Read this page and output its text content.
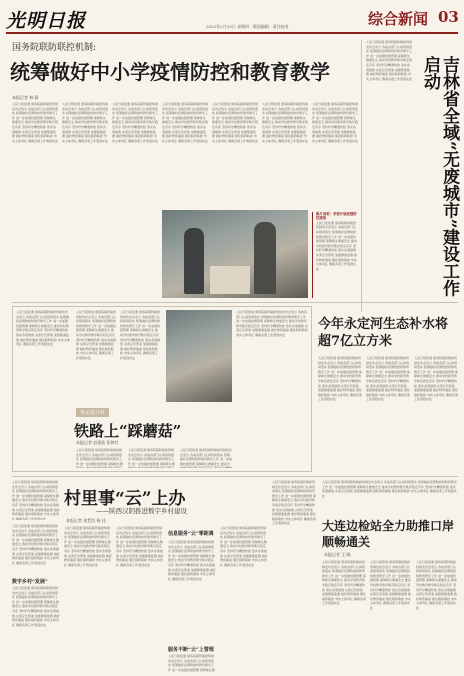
光明日报	2022年2月10日 星期四 · 版面编辑 · 责任校对	综合新闻 03
国务院联防联控机制:
统筹做好中小学疫情防控和教育教学
本报记者 林 莉
人民日报报道 国务院联防联控机制发布会表示 各地各部门认真贯彻落实 统筹做好疫情防控和教育教学工作 进一步加强校园管理 保障师生健康安全 推动学校教育教学秩序稳定有序 坚持科学精准防控 落实各项措施 完善应急预案 加强健康监测 做好物资储备 强化联防联控 夯实主体责任 确保各项工作落到实处
人民日报报道 国务院联防联控机制发布会表示 各地各部门认真贯彻落实 统筹做好疫情防控和教育教学工作 进一步加强校园管理 保障师生健康安全 推动学校教育教学秩序稳定有序 坚持科学精准防控 落实各项措施 完善应急预案 加强健康监测 做好物资储备 强化联防联控 夯实主体责任 确保各项工作落到实处
人民日报报道 国务院联防联控机制发布会表示 各地各部门认真贯彻落实 统筹做好疫情防控和教育教学工作 进一步加强校园管理 保障师生健康安全 推动学校教育教学秩序稳定有序 坚持科学精准防控 落实各项措施 完善应急预案 加强健康监测 做好物资储备 强化联防联控 夯实主体责任 确保各项工作落到实处
人民日报报道 国务院联防联控机制发布会表示 各地各部门认真贯彻落实 统筹做好疫情防控和教育教学工作 进一步加强校园管理 保障师生健康安全 推动学校教育教学秩序稳定有序 坚持科学精准防控 落实各项措施 完善应急预案 加强健康监测 做好物资储备 强化联防联控 夯实主体责任 确保各项工作落到实处
人民日报报道 国务院联防联控机制发布会表示 各地各部门认真贯彻落实 统筹做好疫情防控和教育教学工作 进一步加强校园管理 保障师生健康安全 推动学校教育教学秩序稳定有序 坚持科学精准防控 落实各项措施 完善应急预案 加强健康监测 做好物资储备 强化联防联控 夯实主体责任 确保各项工作落到实处
人民日报报道 国务院联防联控机制发布会表示 各地各部门认真贯彻落实 统筹做好疫情防控和教育教学工作 进一步加强校园管理 保障师生健康安全 推动学校教育教学秩序稳定有序 坚持科学精准防控 落实各项措施 完善应急预案 加强健康监测 做好物资储备 强化联防联控 夯实主体责任 确保各项工作落到实处
人民日报报道 国务院联防联控机制发布会表示 各地各部门认真贯彻落实 统筹做好疫情防控和教育教学工作 进一步加强校园管理 保障师生健康安全 推动学校教育教学秩序稳定有序 坚持科学精准防控 落实各项措施 完善应急预案 加强健康监测 做好物资储备 强化联防联控 夯实主体责任 确保各项工作落到实处
图片说明：学校开展疫情防控演练 人民日报报道 国务院联防联控机制发布会表示 各地各部门认真贯彻落实 统筹做好疫情防控和教育教学工作 进一步加强校园管理 保障师生健康安全 推动学校教育教学秩序稳定有序 坚持科学精准防控 落实各项措施 完善应急预案 加强健康监测 做好物资储备 强化联防联控 夯实主体责任 确保各项工作落到实处 人民日报报道 国务院联防联控机制发布会表示 各地各部门认真贯彻落实 统筹做好疫情防控和教育教学工作 进一步加强校园管理 保障师生健康安全 推动学校教育教学秩序稳定有序 坚持科学精准防控 落实各项措施 完善应急预案 加强健康监测 做好物资储备 强化联防联控 夯实主体责任 确保各项工作落到实处	吉林省全域“无废城市”建设工作启动
今年永定河生态补水将超7亿立方米
人民日报报道 国务院联防联控机制发布会表示 各地各部门认真贯彻落实 统筹做好疫情防控和教育教学工作 进一步加强校园管理 保障师生健康安全 推动学校教育教学秩序稳定有序 坚持科学精准防控 落实各项措施 完善应急预案 加强健康监测 做好物资储备 强化联防联控 夯实主体责任 确保各项工作落到实处
人民日报报道 国务院联防联控机制发布会表示 各地各部门认真贯彻落实 统筹做好疫情防控和教育教学工作 进一步加强校园管理 保障师生健康安全 推动学校教育教学秩序稳定有序 坚持科学精准防控 落实各项措施 完善应急预案 加强健康监测 做好物资储备 强化联防联控 夯实主体责任 确保各项工作落到实处
人民日报报道 国务院联防联控机制发布会表示 各地各部门认真贯彻落实 统筹做好疫情防控和教育教学工作 进一步加强校园管理 保障师生健康安全 推动学校教育教学秩序稳定有序 坚持科学精准防控 落实各项措施 完善应急预案 加强健康监测 做好物资储备 强化联防联控 夯实主体责任 确保各项工作落到实处
春运进行时
铁路上“踩蘑菇”
本报记者 赵嘉欣 张和红
人民日报报道 国务院联防联控机制发布会表示 各地各部门认真贯彻落实 统筹做好疫情防控和教育教学工作 进一步加强校园管理 保障师生健康安全 推动学校教育教学秩序稳定有序 坚持科学精准防控 落实各项措施 完善应急预案 加强健康监测 做好物资储备 强化联防联控 夯实主体责任 确保各项工作落到实处
人民日报报道 国务院联防联控机制发布会表示 各地各部门认真贯彻落实 统筹做好疫情防控和教育教学工作 进一步加强校园管理 保障师生健康安全 推动学校教育教学秩序稳定有序 坚持科学精准防控 落实各项措施 完善应急预案 加强健康监测 做好物资储备 强化联防联控 夯实主体责任 确保各项工作落到实处
人民日报报道 国务院联防联控机制发布会表示 各地各部门认真贯彻落实 统筹做好疫情防控和教育教学工作 进一步加强校园管理 保障师生健康安全 推动学校教育教学秩序稳定有序 坚持科学精准防控 落实各项措施 完善应急预案 加强健康监测 做好物资储备 强化联防联控 夯实主体责任 确保各项工作落到实处
人民日报报道 国务院联防联控机制发布会表示 各地各部门认真贯彻落实 统筹做好疫情防控和教育教学工作 进一步加强校园管理 保障师生健康安全 推动学校教育教学秩序稳定有序 坚持科学精准防控 落实各项措施 完善应急预案 加强健康监测 做好物资储备 强化联防联控 夯实主体责任 确保各项工作落到实处
人民日报报道 国务院联防联控机制发布会表示 各地各部门认真贯彻落实 统筹做好疫情防控和教育教学工作 进一步加强校园管理 保障师生健康安全 推动学校教育教学秩序稳定有序 坚持科学精准防控 落实各项措施 完善应急预案 加强健康监测 做好物资储备 强化联防联控 夯实主体责任 确保各项工作落到实处
人民日报报道 国务院联防联控机制发布会表示 各地各部门认真贯彻落实 统筹做好疫情防控和教育教学工作 进一步加强校园管理 保障师生健康安全 推动学校教育教学秩序稳定有序 坚持科学精准防控 落实各项措施 完善应急预案 加强健康监测 做好物资储备 强化联防联控 夯实主体责任 确保各项工作落到实处
人民日报报道 国务院联防联控机制发布会表示 各地各部门认真贯彻落实 统筹做好疫情防控和教育教学工作 进一步加强校园管理 保障师生健康安全 推动学校教育教学秩序稳定有序 坚持科学精准防控 落实各项措施 完善应急预案 加强健康监测 做好物资储备 强化联防联控 夯实主体责任 确保各项工作落到实处
人民日报报道 国务院联防联控机制发布会表示 各地各部门认真贯彻落实 统筹做好疫情防控和教育教学工作 进一步加强校园管理 保障师生健康安全 推动学校教育教学秩序稳定有序 坚持科学精准防控 落实各项措施 完善应急预案 加强健康监测 做好物资储备 强化联防联控 夯实主体责任 确保各项工作落到实处
村里事“云”上办
——陕西汉阴推进数字乡村建设
本报记者 张哲浩 杨 佳
人民日报报道 国务院联防联控机制发布会表示 各地各部门认真贯彻落实 统筹做好疫情防控和教育教学工作 进一步加强校园管理 保障师生健康安全 推动学校教育教学秩序稳定有序 坚持科学精准防控 落实各项措施 完善应急预案 加强健康监测 做好物资储备 强化联防联控 夯实主体责任 确保各项工作落到实处
数字乡村“发展”
人民日报报道 国务院联防联控机制发布会表示 各地各部门认真贯彻落实 统筹做好疫情防控和教育教学工作 进一步加强校园管理 保障师生健康安全 推动学校教育教学秩序稳定有序 坚持科学精准防控 落实各项措施 完善应急预案 加强健康监测 做好物资储备 强化联防联控 夯实主体责任 确保各项工作落到实处
人民日报报道 国务院联防联控机制发布会表示 各地各部门认真贯彻落实 统筹做好疫情防控和教育教学工作 进一步加强校园管理 保障师生健康安全 推动学校教育教学秩序稳定有序 坚持科学精准防控 落实各项措施 完善应急预案 加强健康监测 做好物资储备 强化联防联控 夯实主体责任 确保各项工作落到实处
人民日报报道 国务院联防联控机制发布会表示 各地各部门认真贯彻落实 统筹做好疫情防控和教育教学工作 进一步加强校园管理 保障师生健康安全 推动学校教育教学秩序稳定有序 坚持科学精准防控 落实各项措施 完善应急预案 加强健康监测 做好物资储备 强化联防联控 夯实主体责任 确保各项工作落到实处
信息服务“云”零距离
人民日报报道 国务院联防联控机制发布会表示 各地各部门认真贯彻落实 统筹做好疫情防控和教育教学工作 进一步加强校园管理 保障师生健康安全 推动学校教育教学秩序稳定有序 坚持科学精准防控 落实各项措施 完善应急预案 加强健康监测 做好物资储备 强化联防联控 夯实主体责任 确保各项工作落到实处
服务不断“云”上管理
人民日报报道 国务院联防联控机制发布会表示 各地各部门认真贯彻落实 统筹做好疫情防控和教育教学工作 进一步加强校园管理 保障师生健康安全 推动学校教育教学秩序稳定有序 坚持科学精准防控 落实各项措施 完善应急预案 加强健康监测 做好物资储备 强化联防联控 夯实主体责任 确保各项工作落到实处
人民日报报道 国务院联防联控机制发布会表示 各地各部门认真贯彻落实 统筹做好疫情防控和教育教学工作 进一步加强校园管理 保障师生健康安全 推动学校教育教学秩序稳定有序 坚持科学精准防控 落实各项措施 完善应急预案 加强健康监测 做好物资储备 强化联防联控 夯实主体责任 确保各项工作落到实处
人民日报报道 国务院联防联控机制发布会表示 各地各部门认真贯彻落实 统筹做好疫情防控和教育教学工作 进一步加强校园管理 保障师生健康安全 推动学校教育教学秩序稳定有序 坚持科学精准防控 落实各项措施 完善应急预案 加强健康监测 做好物资储备 强化联防联控 夯实主体责任 确保各项工作落到实处
大连边检站全力助推口岸顺畅通关
本报记者 王 晓
人民日报报道 国务院联防联控机制发布会表示 各地各部门认真贯彻落实 统筹做好疫情防控和教育教学工作 进一步加强校园管理 保障师生健康安全 推动学校教育教学秩序稳定有序 坚持科学精准防控 落实各项措施 完善应急预案 加强健康监测 做好物资储备 强化联防联控 夯实主体责任 确保各项工作落到实处
人民日报报道 国务院联防联控机制发布会表示 各地各部门认真贯彻落实 统筹做好疫情防控和教育教学工作 进一步加强校园管理 保障师生健康安全 推动学校教育教学秩序稳定有序 坚持科学精准防控 落实各项措施 完善应急预案 加强健康监测 做好物资储备 强化联防联控 夯实主体责任 确保各项工作落到实处
人民日报报道 国务院联防联控机制发布会表示 各地各部门认真贯彻落实 统筹做好疫情防控和教育教学工作 进一步加强校园管理 保障师生健康安全 推动学校教育教学秩序稳定有序 坚持科学精准防控 落实各项措施 完善应急预案 加强健康监测 做好物资储备 强化联防联控 夯实主体责任 确保各项工作落到实处
人民日报报道 国务院联防联控机制发布会表示 各地各部门认真贯彻落实 统筹做好疫情防控和教育教学工作 进一步加强校园管理 保障师生健康安全 推动学校教育教学秩序稳定有序 坚持科学精准防控 落实各项措施 完善应急预案 加强健康监测 做好物资储备 强化联防联控 夯实主体责任 确保各项工作落到实处
